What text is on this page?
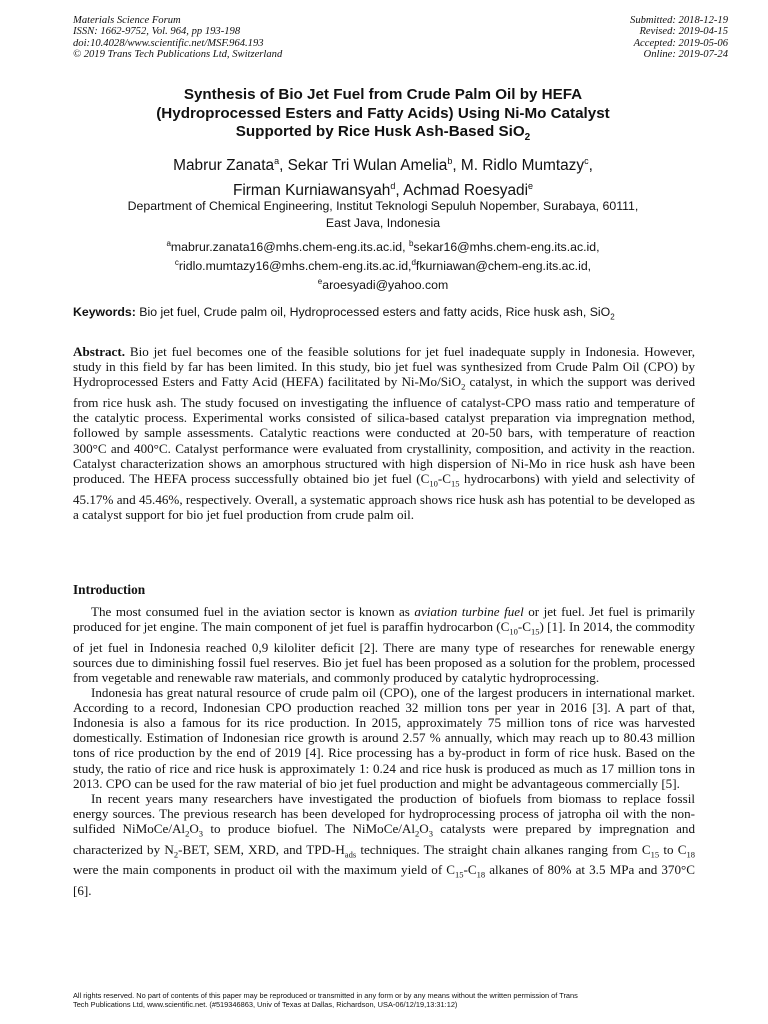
Materials Science Forum
ISSN: 1662-9752, Vol. 964, pp 193-198
doi:10.4028/www.scientific.net/MSF.964.193
© 2019 Trans Tech Publications Ltd, Switzerland
Submitted: 2018-12-19
Revised: 2019-04-15
Accepted: 2019-05-06
Online: 2019-07-24
Synthesis of Bio Jet Fuel from Crude Palm Oil by HEFA
(Hydroprocessed Esters and Fatty Acids) Using Ni-Mo Catalyst
Supported by Rice Husk Ash-Based SiO$_2$
Mabrur Zanata$^a$, Sekar Tri Wulan Amelia$^b$, M. Ridlo Mumtazy$^c$,
Firman Kurniawansyah$^d$, Achmad Roesyadi$^e$
Department of Chemical Engineering, Institut Teknologi Sepuluh Nopember, Surabaya, 60111,
East Java, Indonesia
$^a$mabrur.zanata16@mhs.chem-eng.its.ac.id, $^b$sekar16@mhs.chem-eng.its.ac.id,
$^c$ridlo.mumtazy16@mhs.chem-eng.its.ac.id,$^d$fkurniawan@chem-eng.its.ac.id,
$^e$aroesyadi@yahoo.com
Keywords: Bio jet fuel, Crude palm oil, Hydroprocessed esters and fatty acids, Rice husk ash, SiO$_2$

Abstract. Bio jet fuel becomes one of the feasible solutions for jet fuel inadequate supply in Indonesia. However, study in this field by far has been limited. In this study, bio jet fuel was synthesized from Crude Palm Oil (CPO) by Hydroprocessed Esters and Fatty Acid (HEFA) facilitated by Ni-Mo/SiO$_2$ catalyst, in which the support was derived from rice husk ash. The study focused on investigating the influence of catalyst-CPO mass ratio and temperature of the catalytic process. Experimental works consisted of silica-based catalyst preparation via impregnation method, followed by sample assessments. Catalytic reactions were conducted at 20-50 bars, with temperature of reaction 300°C and 400°C. Catalyst performance were evaluated from crystallinity, composition, and activity in the reaction. Catalyst characterization shows an amorphous structured with high dispersion of Ni-Mo in rice husk ash have been produced. The HEFA process successfully obtained bio jet fuel ($C_{10}-C_{15}$ hydrocarbons) with yield and selectivity of 45.17% and 45.46%, respectively. Overall, a systematic approach shows rice husk ash has potential to be developed as a catalyst support for bio jet fuel production from crude palm oil.

Introduction

The most consumed fuel in the aviation sector is known as aviation turbine fuel or jet fuel. Jet fuel is primarily produced for jet engine. The main component of jet fuel is paraffin hydrocarbon $(C_{10}-C_{15})$ [1]. In 2014, the commodity of jet fuel in Indonesia reached 0,9 kiloliter deficit [2]. There are many type of researches for renewable energy sources due to diminishing fossil fuel reserves. Bio jet fuel has been proposed as a solution for the problem, processed from vegetable and renewable raw materials, and commonly produced by catalytic hydroprocessing.

Indonesia has great natural resource of crude palm oil (CPO), one of the largest producers in international market. According to a record, Indonesian CPO production reached 32 million tons per year in 2016 [3]. A part of that, Indonesia is also a famous for its rice production. In 2015, approximately 75 million tons of rice was harvested domestically. Estimation of Indonesian rice growth is around 2.57 % annually, which may reach up to 80.43 million tons of rice production by the end of 2019 [4]. Rice processing has a by-product in form of rice husk. Based on the study, the ratio of rice and rice husk is approximately 1: 0.24 and rice husk is produced as much as 17 million tons in 2013. CPO can be used for the raw material of bio jet fuel production and might be advantageous commercially [5].

In recent years many researchers have investigated the production of biofuels from biomass to replace fossil energy sources. The previous research has been developed for hydroprocessing process of jatropha oil with the non-sulfided NiMoCe/$Al_2O_3$ to produce biofuel. The NiMoCe/$Al_2O_3$ catalysts were prepared by impregnation and characterized by $N_2$-BET, SEM, XRD, and TPD-$H_{ads}$ techniques. The straight chain alkanes ranging from $C_{15}$ to $C_{18}$ were the main components in product oil with the maximum yield of $C_{15}-C_{18}$ alkanes of 80% at 3.5 MPa and 370°C [6].

All rights reserved. No part of contents of this paper may be reproduced or transmitted in any form or by any means without the written permission of Trans
Tech Publications Ltd, www.scientific.net. (#519346863, Univ of Texas at Dallas, Richardson, USA-06/12/19,13:31:12)
